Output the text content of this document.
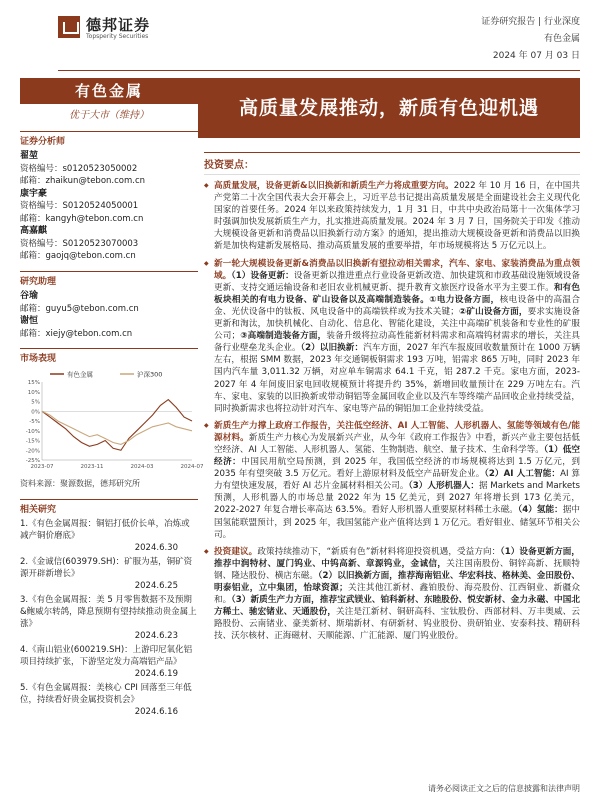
德邦证券
Topsperity Securities
证券研究报告 | 行业深度
有色金属
2024 年 07 月 03 日
有色金属
优于大市（维持）
证券分析师
翟堃
资格编号：s0120523050002
邮箱：zhaikun@tebon.com.cn
康宇豪
资格编号：S0120524050001
邮箱：kangyh@tebon.com.cn
高嘉麒
资格编号：S0120523070003
邮箱：gaojq@tebon.com.cn
研究助理
谷瑜
邮箱：guyu5@tebon.com.cn
谢恒
邮箱：xiejy@tebon.com.cn
市场表现
有色金属	沪深300
15%
10%
5%
0%
-5%
-10%
-15%
-20%
-25%
2023-07	2023-11	2024-03	2024-07
资料来源：聚源数据，德邦研究所
相关研究
1.《有色金属周报：铜铝打低价长单，冶炼或减产铜价磨底》
2024.6.30
2.《金诚信(603979.SH)：矿服为基，铜矿资源开辟新增长》
2024.6.25
3.《有色金属周报：美 5 月零售数据不及预期&鲍威尔转鸽，降息预期有望持续推动贵金属上涨》
2024.6.23
4.《南山铝业(600219.SH)：上游印尼氧化铝项目持续扩张，下游坚定发力高端铝产品》
2024.6.19
5.《有色金属周报：美核心 CPI 回落至三年低位，持续看好贵金属投资机会》
2024.6.16
高质量发展推动，新质有色迎机遇
投资要点：
◆ 高质量发展，设备更新&以旧换新和新质生产力将成重要方向。2022 年 10 月 16 日，在中国共产党第二十次全国代表大会开幕会上，习近平总书记提出高质量发展是全面建设社会主义现代化国家的首要任务。2024 年以来政策持续发力，1 月 31 日，中共中央政治局第十一次集体学习时强调加快发展新质生产力，扎实推进高质量发展。2024 年 3 月 7 日，国务院关于印发《推动大规模设备更新和消费品以旧换新行动方案》的通知，提出推动大规模设备更新和消费品以旧换新是加快构建新发展格局、推动高质量发展的重要举措，年市场规模将达 5 万亿元以上。
◆ 新一轮大规模设备更新&消费品以旧换新有望拉动相关需求，汽车、家电、家装消费品为重点领域。（1）设备更新：设备更新以推进重点行业设备更新改造、加快建筑和市政基础设施领域设备更新、支持交通运输设备和老旧农业机械更新、提升教育文旅医疗设备水平为主要工作。和有色板块相关的有电力设备、矿山设备以及高端制造装备。①电力设备方面，核电设备中的高温合金、光伏设备中的钛板、风电设备中的高端铁样或为技术关键；②矿山设备方面，要求实施设备更新和淘汰，加快机械化、自动化、信息化、智能化建设，关注中高端矿机装备和专业性的矿服公司；③高端制造装备方面，装备升级将拉动高性能新材料需求和高端钨材需求的增长，关注具备行业壁垒龙头企业。（2）以旧换新：汽车方面，2027 年汽车报废回收数量预计在 1000 万辆左右，根据 SMM 数据，2023 年交通铜板铜需求 193 万吨，铝需求 865 万吨，同时 2023 年国内汽车量 3,011.32 万辆，对应单车铜需求 64.1 千克，铝 287.2 千克。家电方面，2023-2027 年 4 年间废旧家电回收规模预计将提升约 35%，新增回收量预计在 229 万吨左右。汽车、家电、家装的以旧换新或带动铜铝等金属回收企业以及汽车等终端产品回收企业持续受益，同时换新需求也将拉动针对汽车、家电等产品的铜铝加工企业持续受益。
◆ 新质生产力撑上政府工作报告，关注低空经济、AI 人工智能、人形机器人、氢能等领域有色/能源材料。新质生产力核心为发展新兴产业，从今年《政府工作报告》中看，新兴产业主要包括低空经济、AI 人工智能、人形机器人、氢能、生物制造、航空、量子技术、生命科学等。（1）低空经济：中国民用航空局预测，到 2025 年，我国低空经济的市场规模将达到 1.5 万亿元，到 2035 年有望突破 3.5 万亿元。看好上游原材料及低空产品研发企业。（2）AI 人工智能：AI 算力有望快速发展，看好 AI 芯片金属材料相关公司。（3）人形机器人：据 Markets and Markets 预测，人形机器人的市场总量 2022 年为 15 亿美元，到 2027 年将增长到 173 亿美元，2022-2027 年复合增长率高达 63.5%。看好人形机器人重要原材料稀土永磁。（4）氢能：据中国氢能联盟预计，到 2025 年，我国氢能产业产值将达到 1 万亿元。看好钼业、储氢环节相关公司。
◆ 投资建议。政策持续推动下，“新质有色”新材料将迎投资机遇，受益方向：（1）设备更新方面，推荐中润特材、厦门钨业、中钨高新、章源钨业，金诚信，关注国南股份、铜锌高新、抚顺特钢、隆达股份、横店东磁。（2）以旧换新方面，推荐海南铝业、华宏科技、格林美、金田股份、明泰铝业，立中集团，怡球资源；关注其他江新材、鑫铂股份、海亮股份、江西铜业、新疆众和。（3）新质生产力方面，推荐宝武镁业、铂科新材、东睦股份、悦安新材、金力永磁、中国北方稀土、驰宏锗业、天通股份，关注是江新材、铜研高科、宝钛股份、西部材料、万丰奥威、云路股份、云南锗业、豪美新材、斯瑞新材、有研新材、钨业股份、贵研铂业、安泰科技、精研科技、沃尔核材、正海磁材、天顺能源、广汇能源、厦门钨业股份。
请务必阅读正文之后的信息披露和法律声明
